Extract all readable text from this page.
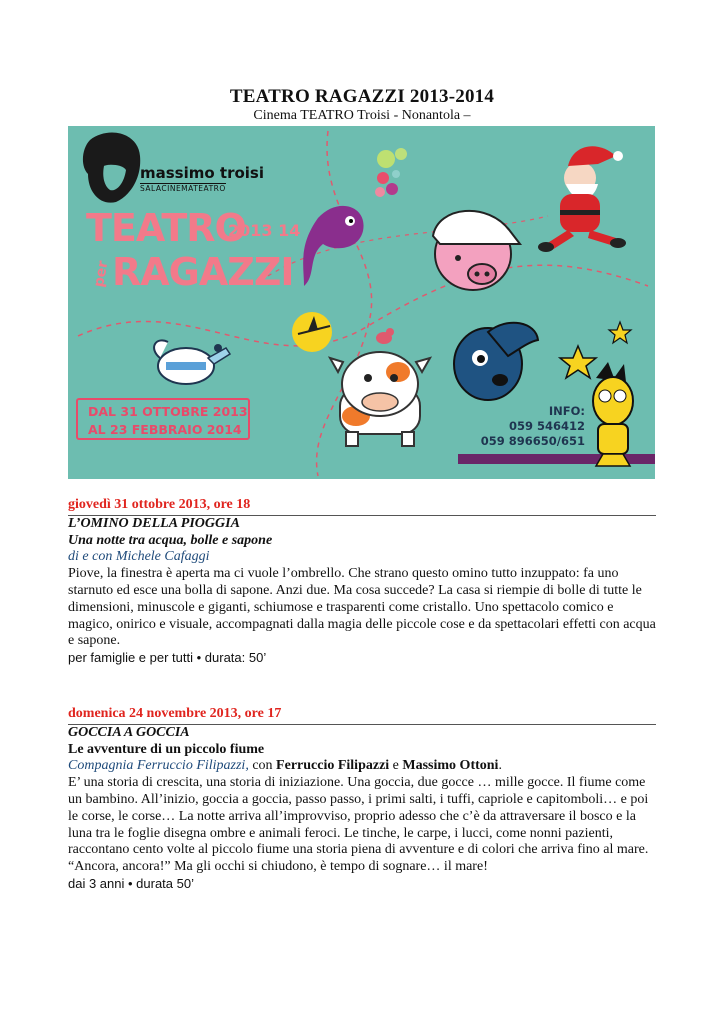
TEATRO RAGAZZI 2013-2014
Cinema TEATRO Troisi - Nonantola –
massimo troisi
SALACINEMATEATRO
TEATRO
2013 14
per RAGAZZI
DAL 31 OTTOBRE 2013
AL 23 FEBBRAIO 2014
INFO:
059 546412
059 896650/651
giovedì 31 ottobre 2013, ore 18
L’OMINO DELLA PIOGGIA
Una notte tra acqua, bolle e sapone
di e con Michele Cafaggi
Piove, la finestra è aperta ma ci vuole l’ombrello. Che strano questo omino tutto inzuppato: fa uno starnuto ed esce una bolla di sapone. Anzi due. Ma cosa succede? La casa si riempie di bolle di tutte le dimensioni, minuscole e giganti, schiumose e trasparenti come cristallo. Uno spettacolo comico e magico, onirico e visuale, accompagnati dalla magia delle piccole cose e da spettacolari effetti con acqua e sapone.
per famiglie e per tutti • durata: 50’
domenica 24 novembre 2013, ore 17
GOCCIA A GOCCIA
Le avventure di un piccolo fiume
Compagnia Ferruccio Filipazzi, con Ferruccio Filipazzi e Massimo Ottoni.
E’ una storia di crescita, una storia di iniziazione. Una goccia, due gocce … mille gocce. Il fiume come un bambino. All’inizio, goccia a goccia, passo passo, i primi salti, i tuffi, capriole e capitomboli… e poi le corse, le corse… La notte arriva all’improvviso, proprio adesso che c’è da attraversare il bosco e la luna tra le foglie disegna ombre e animali feroci. Le tinche, le carpe, i lucci, come nonni pazienti, raccontano cento volte al piccolo fiume una storia piena di avventure e di colori che arriva fino al mare. “Ancora, ancora!” Ma gli occhi si chiudono, è tempo di sognare… il mare!
dai 3 anni • durata 50’
